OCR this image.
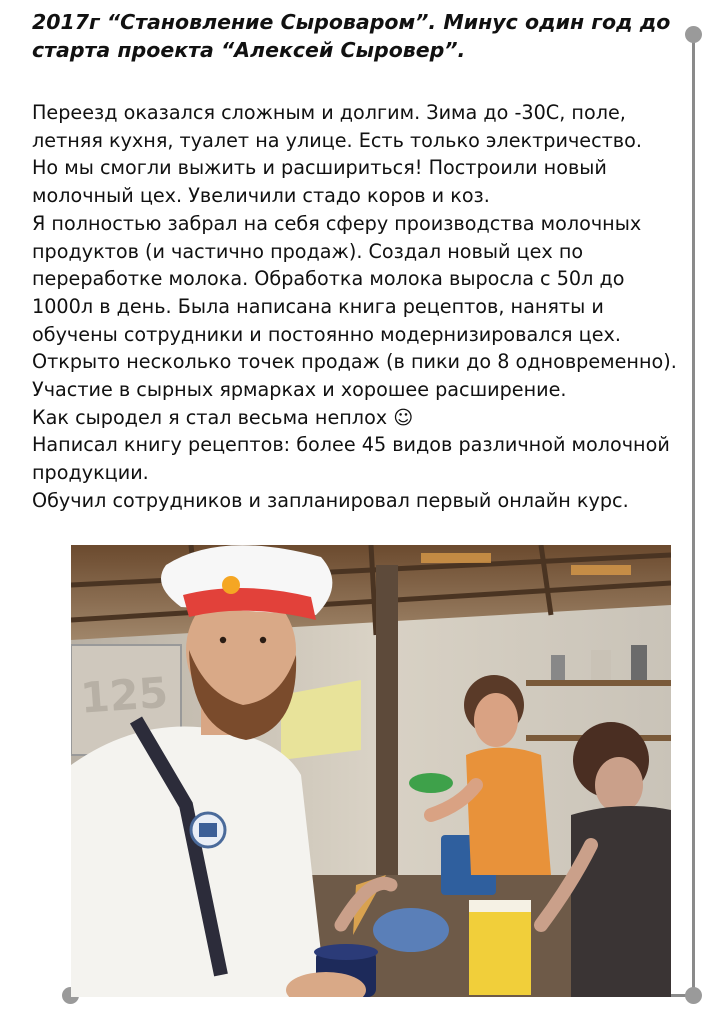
2017г “Становление Сыроваром”. Минус один год до
старта проекта “Алексей Сыровер”.
Переезд оказался сложным и долгим. Зима до -30С, поле,
летняя кухня, туалет на улице. Есть только электричество.
Но мы смогли выжить и расшириться! Построили новый
молочный цех. Увеличили стадо коров и коз.
Я полностью забрал на себя сферу производства молочных
продуктов (и частично продаж). Создал новый цех по
переработке молока. Обработка молока выросла с 50л до
1000л в день. Была написана книга рецептов, наняты и
обучены сотрудники и постоянно модернизировался цех.
Открыто несколько точек продаж (в пики до 8 одновременно).
Участие в сырных ярмарках и хорошее расширение.
Как сыродел я стал весьма неплох ☺
Написал книгу рецептов: более 45 видов различной молочной
продукции.
Обучил сотрудников и запланировал первый онлайн курс.
125
